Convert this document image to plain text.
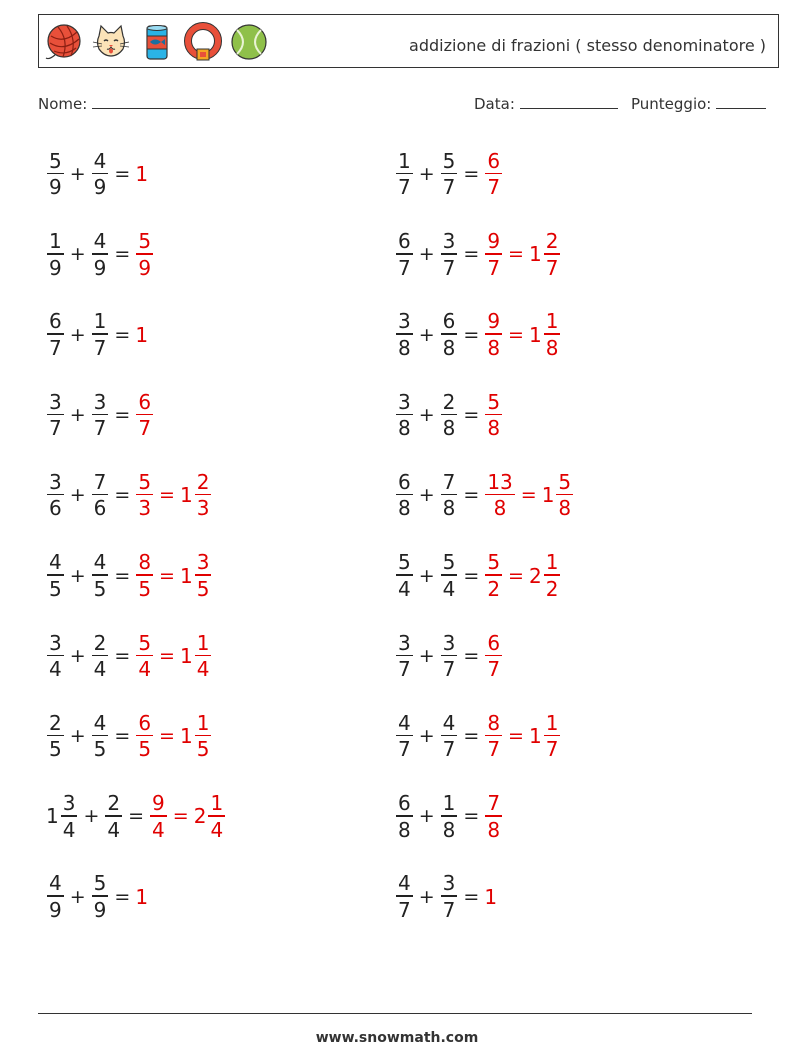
addizione di frazioni ( stesso denominatore )
Nome:	Data:	Punteggio:
$\frac{5}{9} + \frac{4}{9} = 1$
$\frac{1}{9} + \frac{4}{9} = \frac{5}{9}$
$\frac{6}{7} + \frac{1}{7} = 1$
$\frac{3}{7} + \frac{3}{7} = \frac{6}{7}$
$\frac{3}{6} + \frac{7}{6} = \frac{5}{3} = 1 \frac{2}{3}$
$\frac{4}{5} + \frac{4}{5} = \frac{8}{5} = 1 \frac{3}{5}$
$\frac{3}{4} + \frac{2}{4} = \frac{5}{4} = 1 \frac{1}{4}$
$\frac{2}{5} + \frac{4}{5} = \frac{6}{5} = 1 \frac{1}{5}$
$1 \frac{3}{4} + \frac{2}{4} = \frac{9}{4} = 2 \frac{1}{4}$
$\frac{4}{9} + \frac{5}{9} = 1$
$\frac{1}{7} + \frac{5}{7} = \frac{6}{7}$
$\frac{6}{7} + \frac{3}{7} = \frac{9}{7} = 1 \frac{2}{7}$
$\frac{3}{8} + \frac{6}{8} = \frac{9}{8} = 1 \frac{1}{8}$
$\frac{3}{8} + \frac{2}{8} = \frac{5}{8}$
$\frac{6}{8} + \frac{7}{8} = \frac{13}{8} = 1 \frac{5}{8}$
$\frac{5}{4} + \frac{5}{4} = \frac{5}{2} = 2 \frac{1}{2}$
$\frac{3}{7} + \frac{3}{7} = \frac{6}{7}$
$\frac{4}{7} + \frac{4}{7} = \frac{8}{7} = 1 \frac{1}{7}$
$\frac{6}{8} + \frac{1}{8} = \frac{7}{8}$
$\frac{4}{7} + \frac{3}{7} = 1$
www.snowmath.com
